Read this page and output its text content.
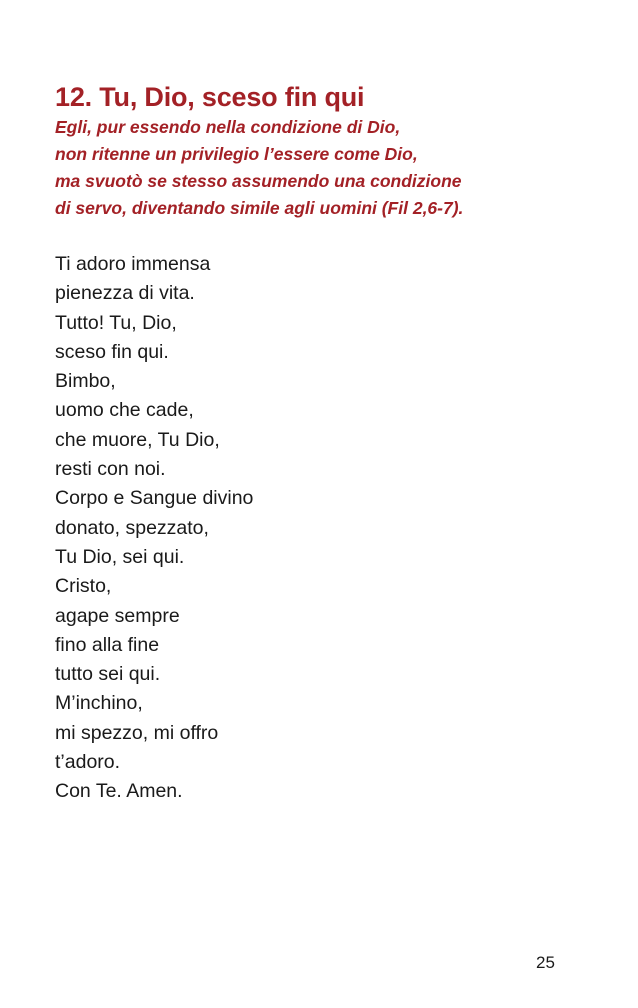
12. Tu, Dio, sceso fin qui
Egli, pur essendo nella condizione di Dio,
non ritenne un privilegio l’essere come Dio,
ma svuotò se stesso assumendo una condizione
di servo, diventando simile agli uomini (Fil 2,6-7).
Ti adoro immensa
pienezza di vita.
Tutto! Tu, Dio,
sceso fin qui.
Bimbo,
uomo che cade,
che muore, Tu Dio,
resti con noi.
Corpo e Sangue divino
donato, spezzato,
Tu Dio, sei qui.
Cristo,
agape sempre
fino alla fine
tutto sei qui.
M’inchino,
mi spezzo, mi offro
t’adoro.
Con Te. Amen.
25
